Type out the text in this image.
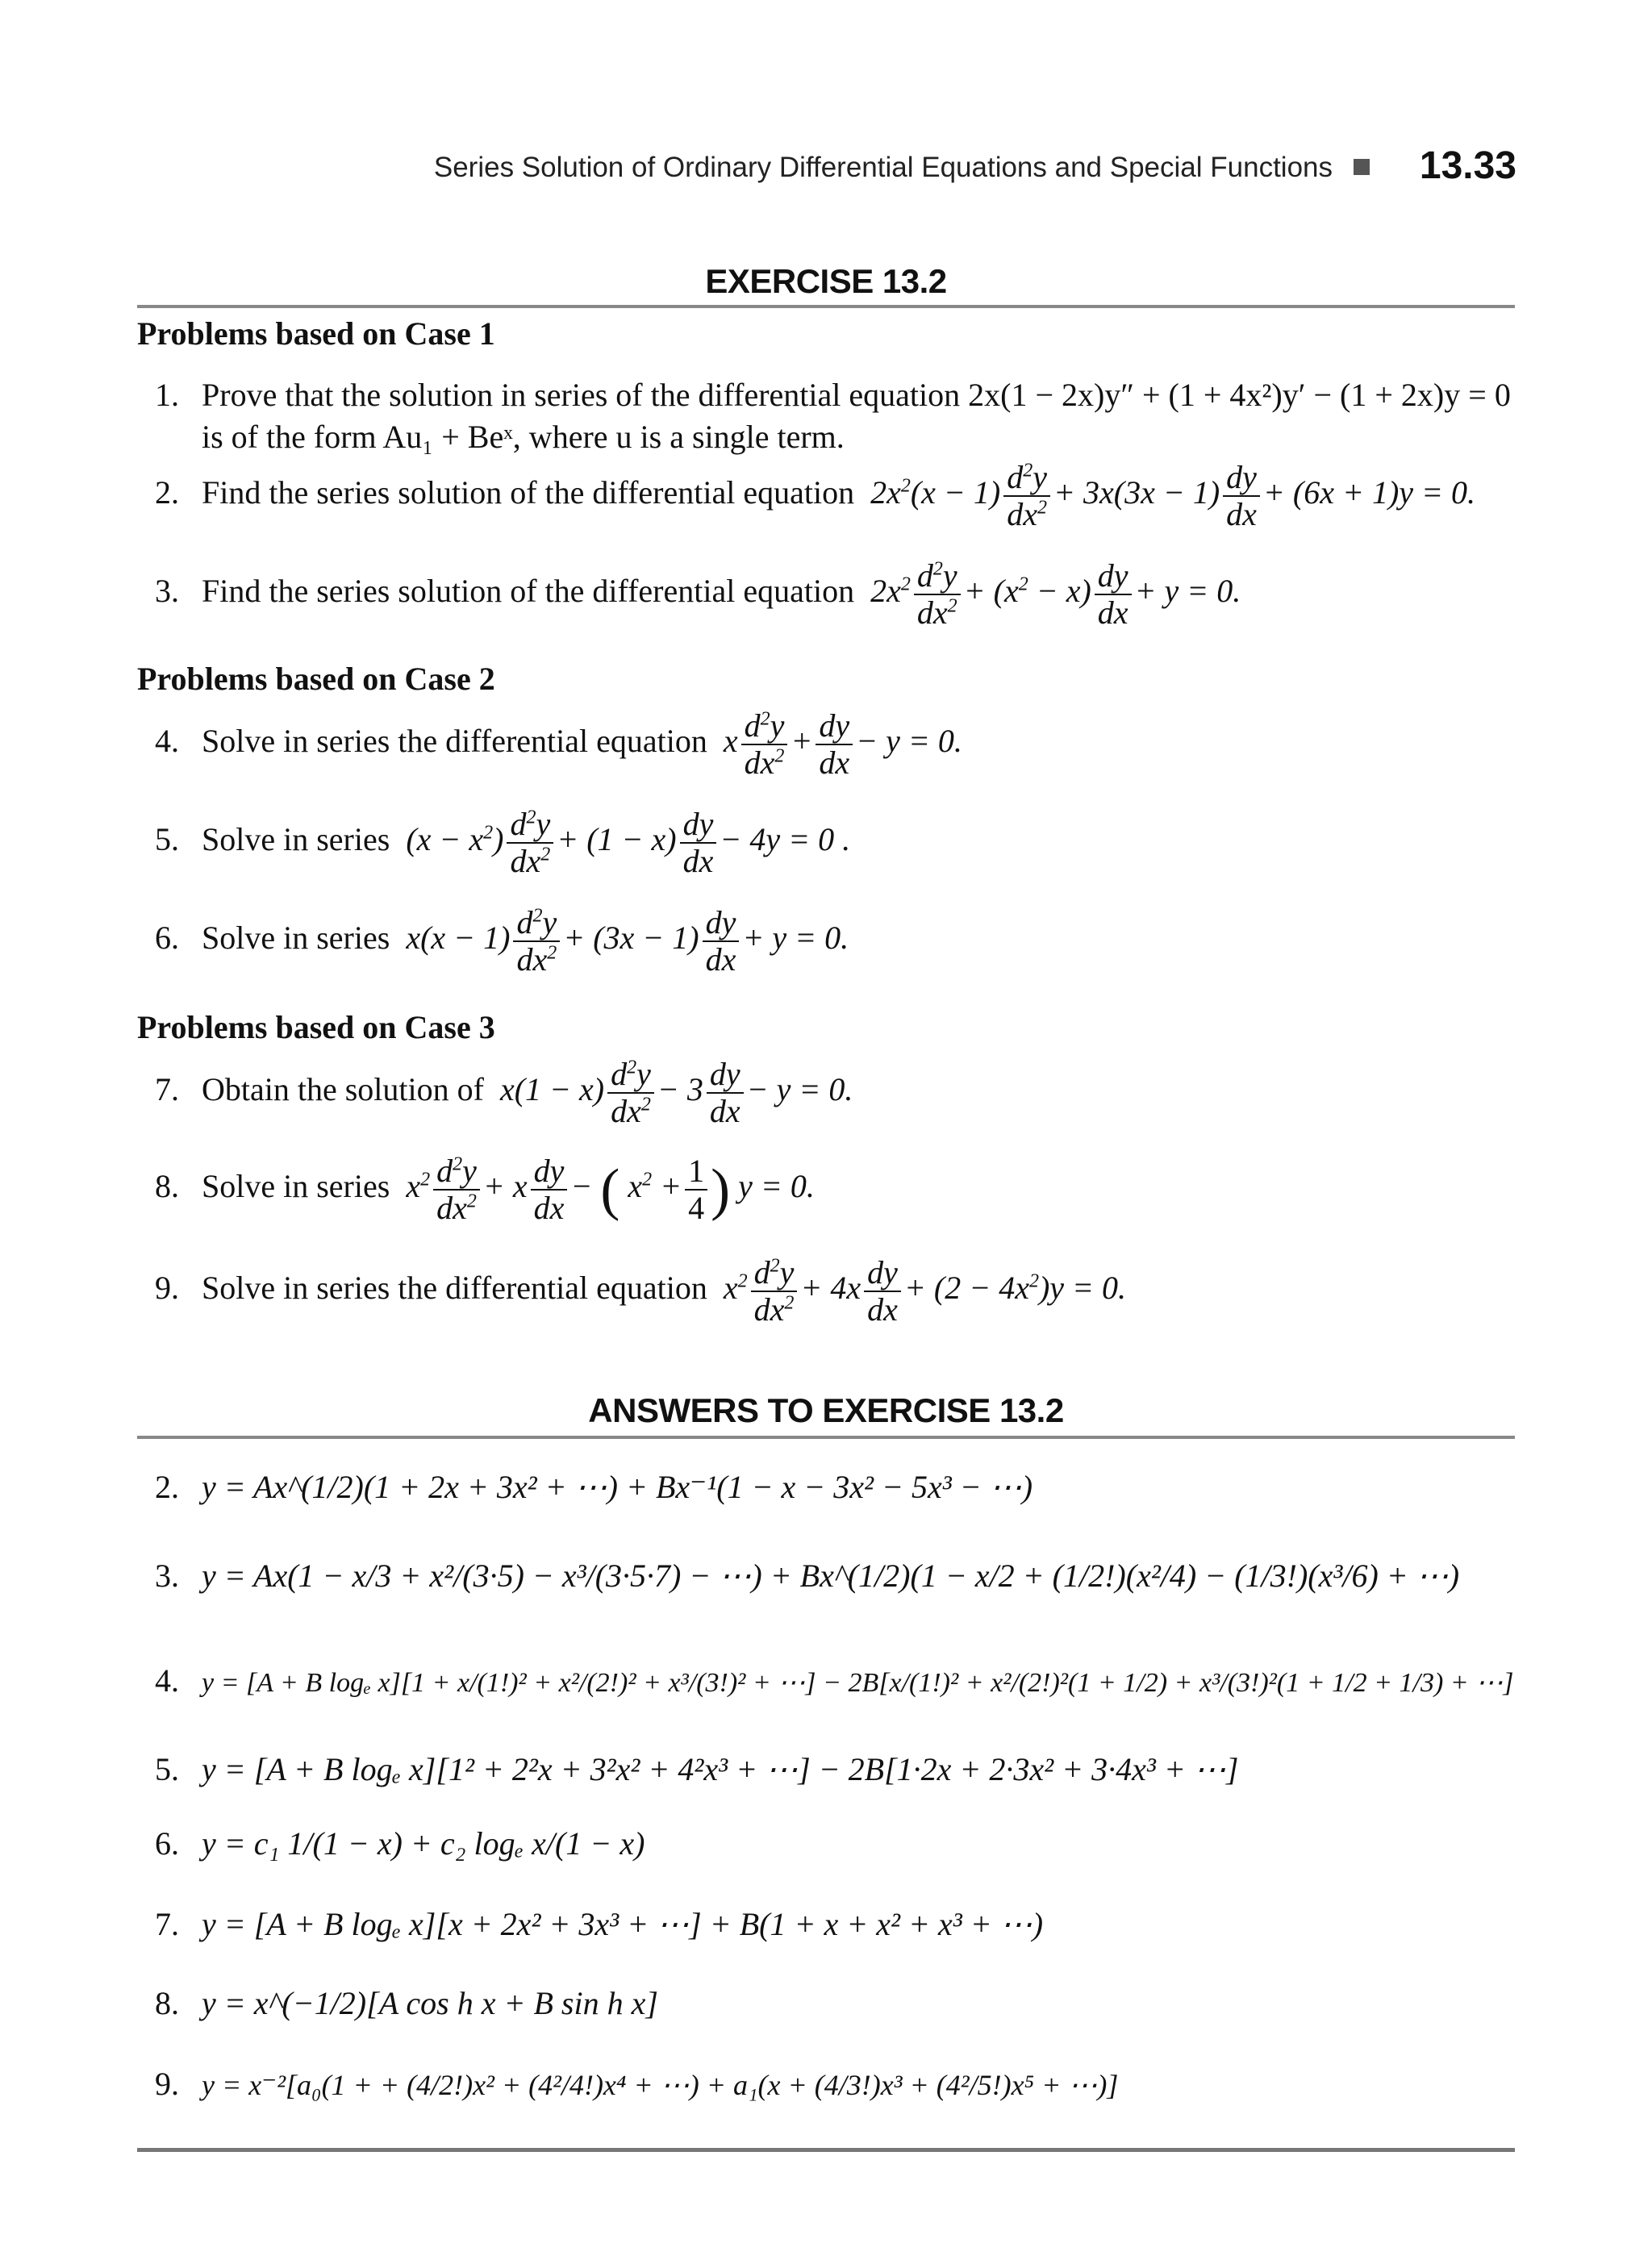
Series Solution of Ordinary Differential Equations and Special Functions 13.33
EXERCISE 13.2
Problems based on Case 1
1. Prove that the solution in series of the differential equation 2x(1 − 2x)y″ + (1 + 4x²)y′ − (1 + 2x)y = 0
is of the form Au₁ + Beˣ, where u is a single term.
2. Find the series solution of the differential equation  $2x^2(x - 1) \frac{d^2y}{dx^2} + 3x(3x - 1) \frac{dy}{dx} + (6x + 1)y = 0$.
3. Find the series solution of the differential equation  $2x^2 \frac{d^2y}{dx^2} + (x^2 - x) \frac{dy}{dx} + y = 0$.
Problems based on Case 2
4. Solve in series the differential equation  x $\frac{d^2y}{dx^2} + \frac{dy}{dx} - y = 0$.
5. Solve in series  $(x - x^2) \frac{d^2y}{dx^2} + (1 - x) \frac{dy}{dx} - 4y = 0$ .
6. Solve in series  $x(x - 1) \frac{d^2y}{dx^2} + (3x - 1) \frac{dy}{dx} + y = 0$.
Problems based on Case 3
7. Obtain the solution of  $x(1 - x) \frac{d^2y}{dx^2} - 3 \frac{dy}{dx} - y = 0$.
8. Solve in series  $x^2 \frac{d^2y}{dx^2} + x \frac{dy}{dx}$ − ( $x^2 + \frac{1}{4}$ ) y = 0.
9. Solve in series the differential equation  $x^2 \frac{d^2y}{dx^2} + 4x \frac{dy}{dx} + (2 - 4x^2)y = 0$.
ANSWERS TO EXERCISE 13.2
2. y = Ax^(1/2)(1 + 2x + 3x² + ⋯) + Bx⁻¹(1 − x − 3x² − 5x³ − ⋯)
3. y = Ax(1 − x/3 + x²/(3·5) − x³/(3·5·7) − ⋯) + Bx^(1/2)(1 − x/2 + (1/2!)(x²/4) − (1/3!)(x³/6) + ⋯)
4. y = [A + B logₑ x][1 + x/(1!)² + x²/(2!)² + x³/(3!)² + ⋯] − 2B[x/(1!)² + x²/(2!)²(1 + 1/2) + x³/(3!)²(1 + 1/2 + 1/3) + ⋯]
5. y = [A + B logₑ x][1² + 2²x + 3²x² + 4²x³ + ⋯] − 2B[1·2x + 2·3x² + 3·4x³ + ⋯]
6. y = c₁ 1/(1 − x) + c₂ logₑ x/(1 − x)
7. y = [A + B logₑ x][x + 2x² + 3x³ + ⋯] + B(1 + x + x² + x³ + ⋯)
8. y = x^(−1/2)[A cos h x + B sin h x]
9. y = x⁻²[a₀(1 + + (4/2!)x² + (4²/4!)x⁴ + ⋯) + a₁(x + (4/3!)x³ + (4²/5!)x⁵ + ⋯)]
